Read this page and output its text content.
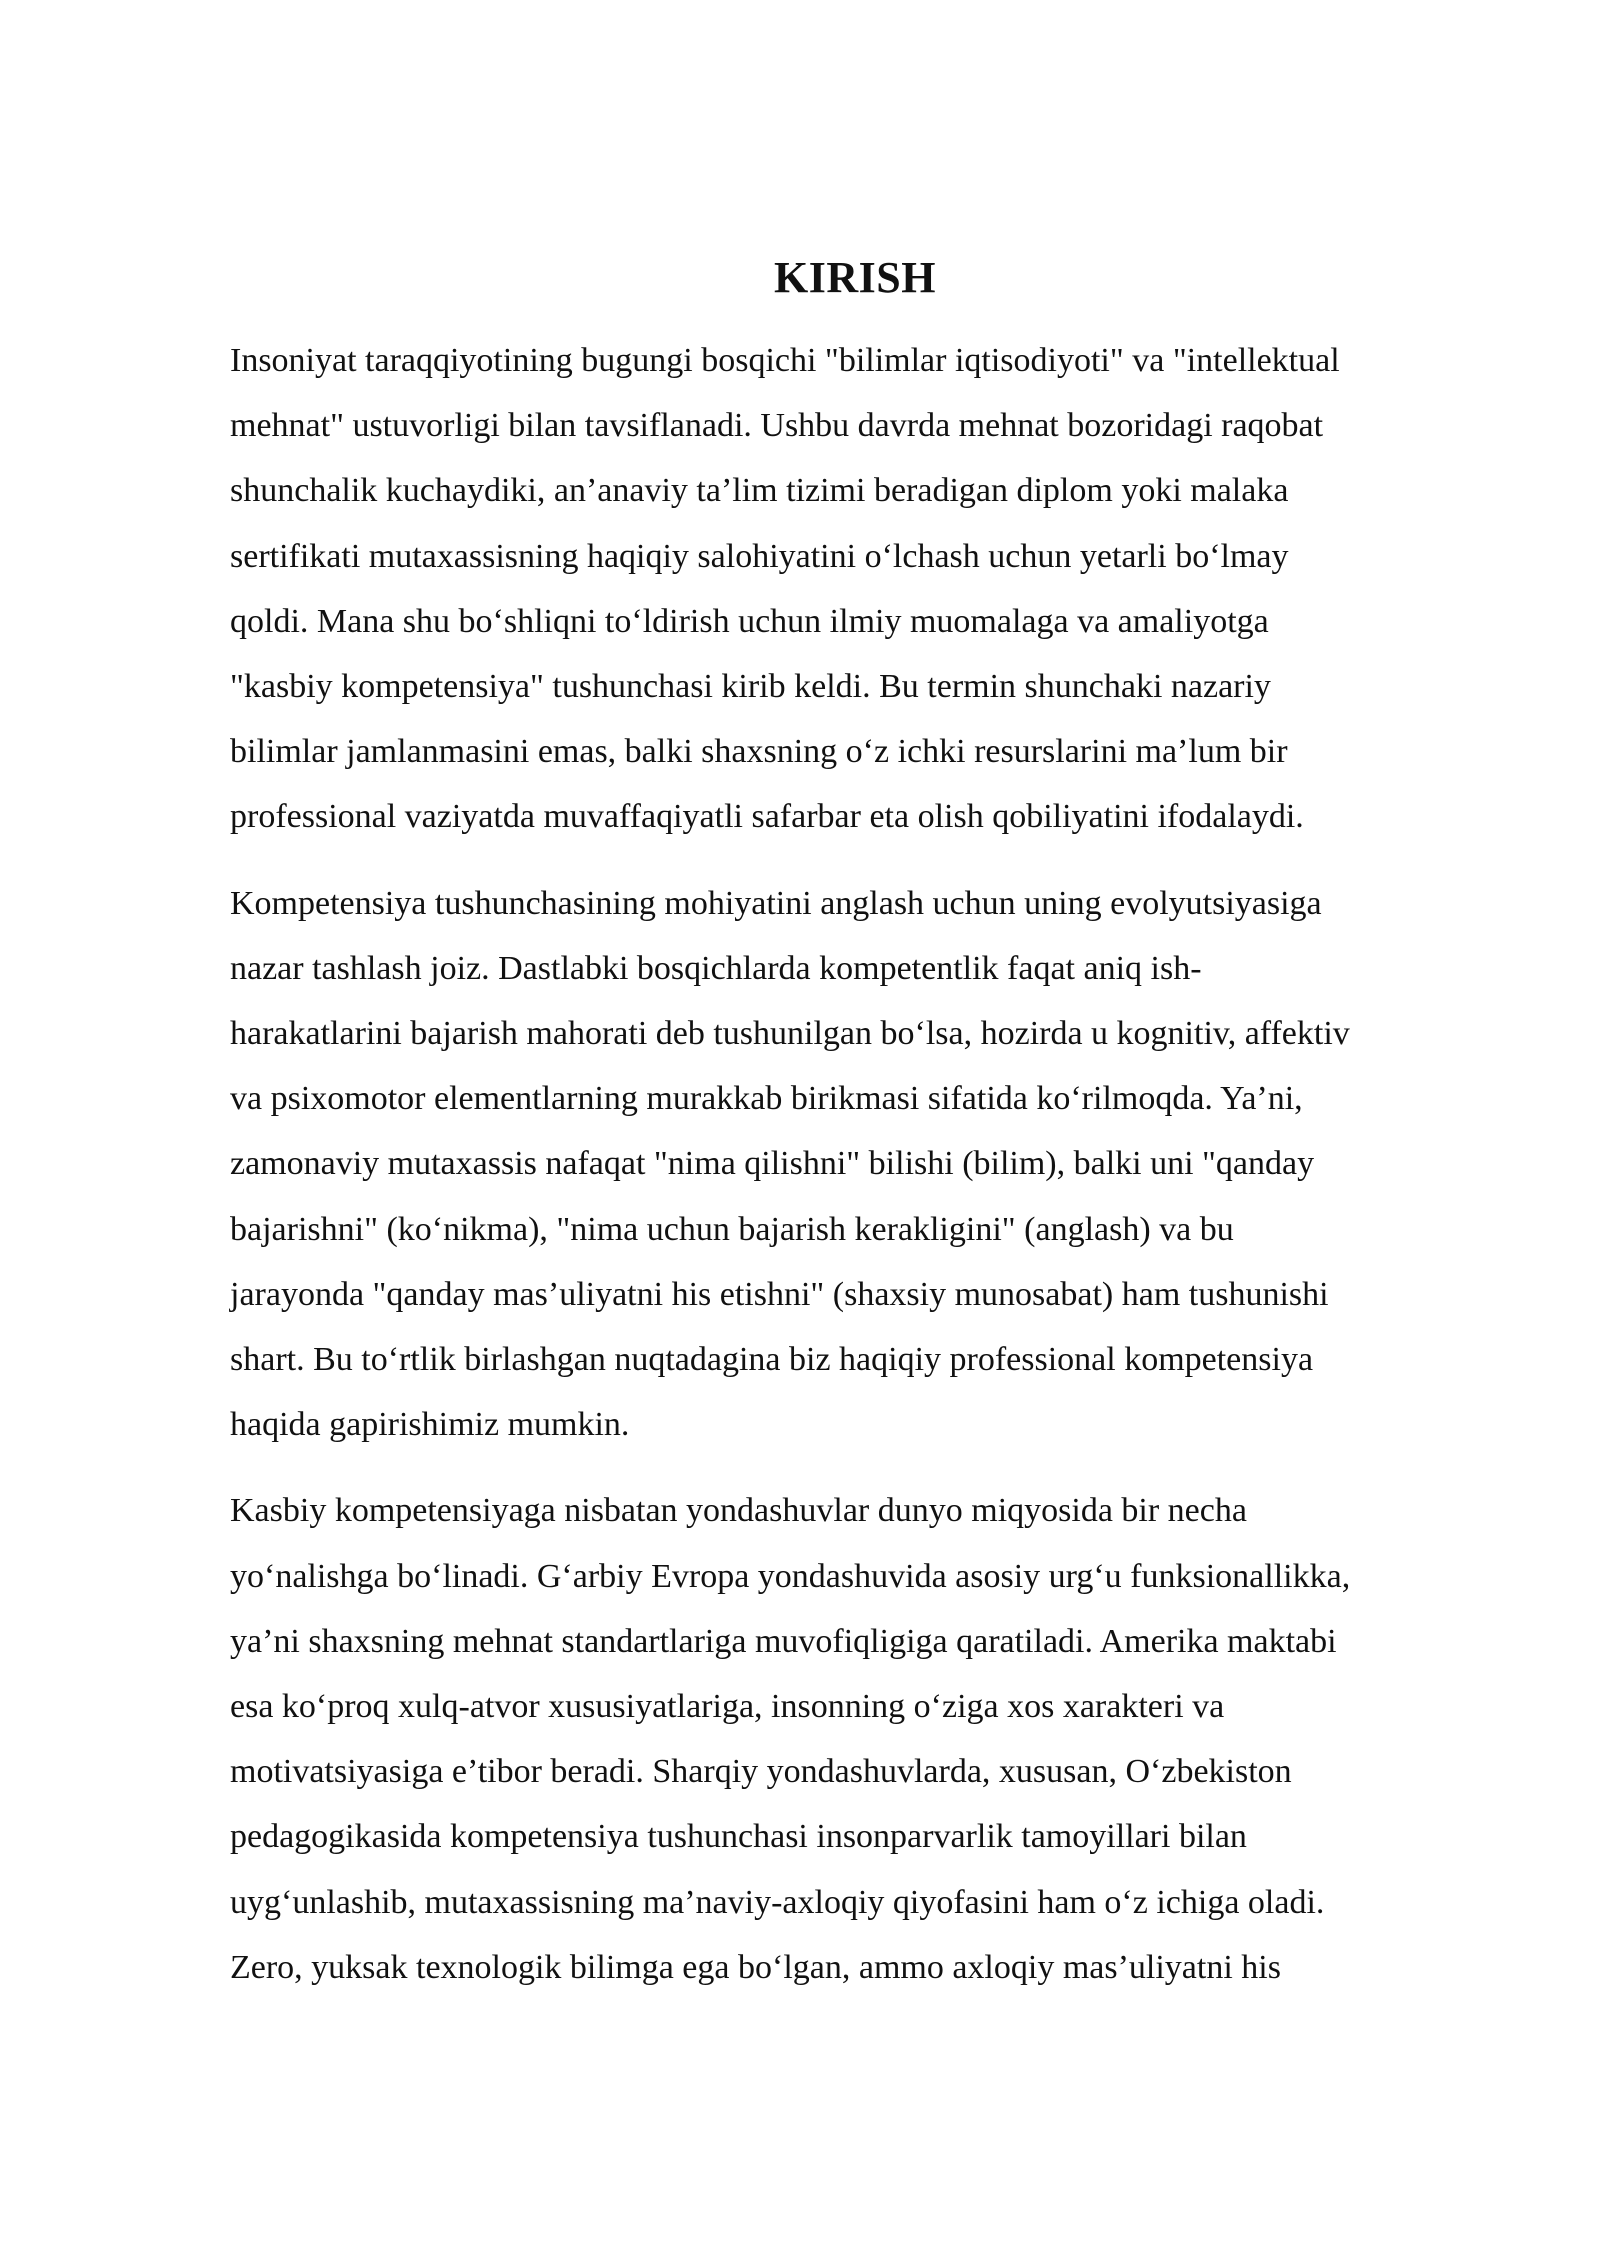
KIRISH

Insoniyat taraqqiyotining bugungi bosqichi "bilimlar iqtisodiyoti" va "intellektual
mehnat" ustuvorligi bilan tavsiflanadi. Ushbu davrda mehnat bozoridagi raqobat
shunchalik kuchaydiki, an’anaviy ta’lim tizimi beradigan diplom yoki malaka
sertifikati mutaxassisning haqiqiy salohiyatini o‘lchash uchun yetarli bo‘lmay
qoldi. Mana shu bo‘shliqni to‘ldirish uchun ilmiy muomalaga va amaliyotga
"kasbiy kompetensiya" tushunchasi kirib keldi. Bu termin shunchaki nazariy
bilimlar jamlanmasini emas, balki shaxsning o‘z ichki resurslarini ma’lum bir
professional vaziyatda muvaffaqiyatli safarbar eta olish qobiliyatini ifodalaydi.

Kompetensiya tushunchasining mohiyatini anglash uchun uning evolyutsiyasiga
nazar tashlash joiz. Dastlabki bosqichlarda kompetentlik faqat aniq ish-
harakatlarini bajarish mahorati deb tushunilgan bo‘lsa, hozirda u kognitiv, affektiv
va psixomotor elementlarning murakkab birikmasi sifatida ko‘rilmoqda. Ya’ni,
zamonaviy mutaxassis nafaqat "nima qilishni" bilishi (bilim), balki uni "qanday
bajarishni" (ko‘nikma), "nima uchun bajarish kerakligini" (anglash) va bu
jarayonda "qanday mas’uliyatni his etishni" (shaxsiy munosabat) ham tushunishi
shart. Bu to‘rtlik birlashgan nuqtadagina biz haqiqiy professional kompetensiya
haqida gapirishimiz mumkin.

Kasbiy kompetensiyaga nisbatan yondashuvlar dunyo miqyosida bir necha
yo‘nalishga bo‘linadi. G‘arbiy Evropa yondashuvida asosiy urg‘u funksionallikka,
ya’ni shaxsning mehnat standartlariga muvofiqligiga qaratiladi. Amerika maktabi
esa ko‘proq xulq-atvor xususiyatlariga, insonning o‘ziga xos xarakteri va
motivatsiyasiga e’tibor beradi. Sharqiy yondashuvlarda, xususan, O‘zbekiston
pedagogikasida kompetensiya tushunchasi insonparvarlik tamoyillari bilan
uyg‘unlashib, mutaxassisning ma’naviy-axloqiy qiyofasini ham o‘z ichiga oladi.
Zero, yuksak texnologik bilimga ega bo‘lgan, ammo axloqiy mas’uliyatni his
